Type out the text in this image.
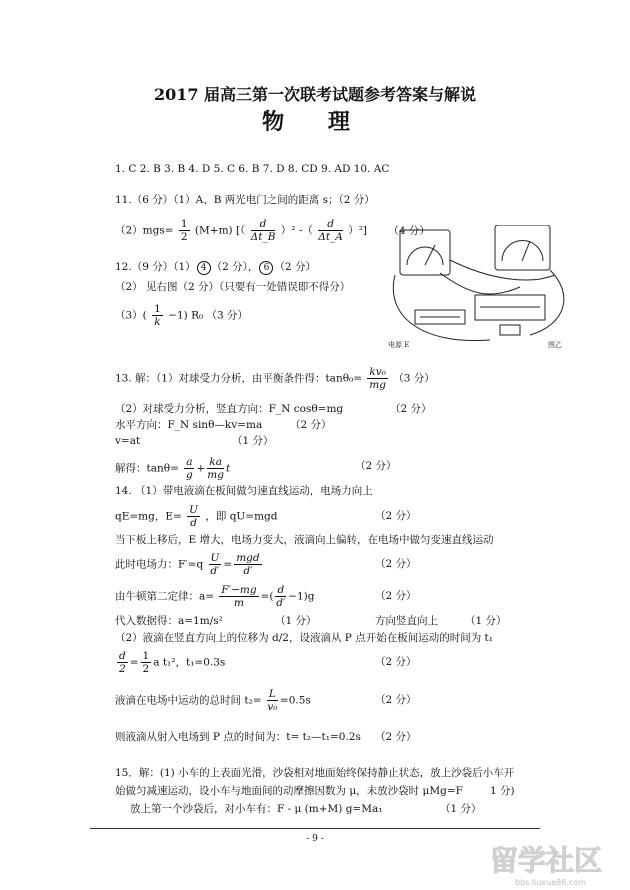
2017 届高三第一次联考试题参考答案与解说
物 理
1. C 2. B 3. B 4. D 5. C 6. B 7. D 8. CD 9. AD 10. AC
11.（6 分）（1）A、B 两光电门之间的距离 s；（2 分）
$(2)mgs= \frac{1}{2} (M+m)$ [（ $\frac{d}{\Delta t\_B} )^2$ -（ $\frac{d}{\Delta t\_A} )^2$] （4 分）
12.（9 分）（1） 4 （2 分）， 6 （2 分）
（2） 见右图（2 分）（只要有一处错误即不得分）
$(3)( \frac{1}{k} -1)$ R₀ （3 分）
电源 E	图乙
13. 解：（1）对球受力分析，由平衡条件得：$\tan\theta_0= \frac{\text{kv₀}}{mg} (3$ 分）
（2）对球受力分析，竖直方向：F_N cosθ=mg	（2 分）
水平方向：F_N sinθ—kv=ma	（2 分）
v=at	（1 分）
解得：$\tan\theta= \frac{a}{g} + \frac{ka}{mg}$ t	（2 分）
14. （1）带电液滴在板间做匀速直线运动，电场力向上
qE=mg，$E= \frac{U}{d}$ ，即 qU=mgd	（2 分）
当下板上移后，E 增大，电场力变大，液滴向上偏转，在电场中做匀变速直线运动
此时电场力：$F'=q \frac{U}{d'} = \frac{\text{mgd}}{d'}$	（2 分）
由牛顿第二定律：$a= \frac{F'-mg}{m}$ =( $\frac{d}{d'} -1)g$	（2 分）
代入数据得：a=1m/s²	（1 分）	方向竖直向上	（1 分）
（2）液滴在竖直方向上的位移为 d/2，设液滴从 P 点开始在板间运动的时间为 t₁
$\frac{d}{2} = \frac{1}{2}$ a t₁²，t₁=0.3s	（2 分）
液滴在电场中运动的总时间 $t_2= \frac{L}{\text{v₀}} =0.5s$	（2 分）
则液滴从射入电场到 P 点的时间为：t= t₂—t₁=0.2s （2 分）
15．解：(1) 小车的上表面光滑，沙袋相对地面始终保持静止状态，放上沙袋后小车开
始做匀减速运动，设小车与地面间的动摩擦因数为 μ，未放沙袋时 μMg=F	1 分)
放上第一个沙袋后，对小车有：F - μ (m+M) g=Ma₁	（1 分）
- 9 -
留学社区
bbs.liuxue86.com
